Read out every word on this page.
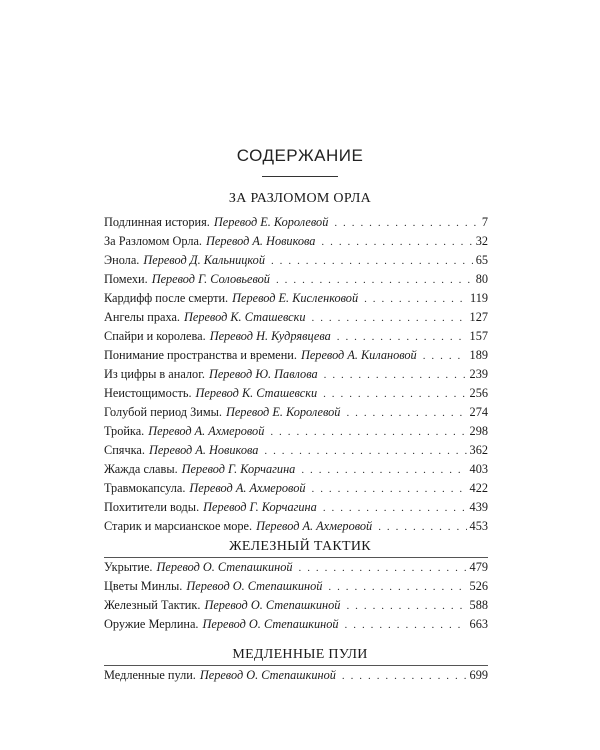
СОДЕРЖАНИЕ
ЗА РАЗЛОМОМ ОРЛА
Подлинная история. Перевод Е. Королевой . . .	7
За Разломом Орла. Перевод А. Новикова . . .	32
Энола. Перевод Д. Кальницкой . . .	65
Помехи. Перевод Г. Соловьевой . . .	80
Кардифф после смерти. Перевод Е. Кисленковой . . .	119
Ангелы праха. Перевод К. Сташевски . . .	127
Спайри и королева. Перевод Н. Кудрявцева . . .	157
Понимание пространства и времени. Перевод А. Килановой . . .	189
Из цифры в аналог. Перевод Ю. Павлова . . .	239
Неистощимость. Перевод К. Сташевски . . .	256
Голубой период Зимы. Перевод Е. Королевой . . .	274
Тройка. Перевод А. Ахмеровой . . .	298
Спячка. Перевод А. Новикова . . .	362
Жажда славы. Перевод Г. Корчагина . . .	403
Травмокапсула. Перевод А. Ахмеровой . . .	422
Похитители воды. Перевод Г. Корчагина . . .	439
Старик и марсианское море. Перевод А. Ахмеровой . . .	453
ЖЕЛЕЗНЫЙ ТАКТИК
Укрытие. Перевод О. Степашкиной . . .	479
Цветы Минлы. Перевод О. Степашкиной . . .	526
Железный Тактик. Перевод О. Степашкиной . . .	588
Оружие Мерлина. Перевод О. Степашкиной . . .	663
МЕДЛЕННЫЕ ПУЛИ
Медленные пули. Перевод О. Степашкиной . . .	699
